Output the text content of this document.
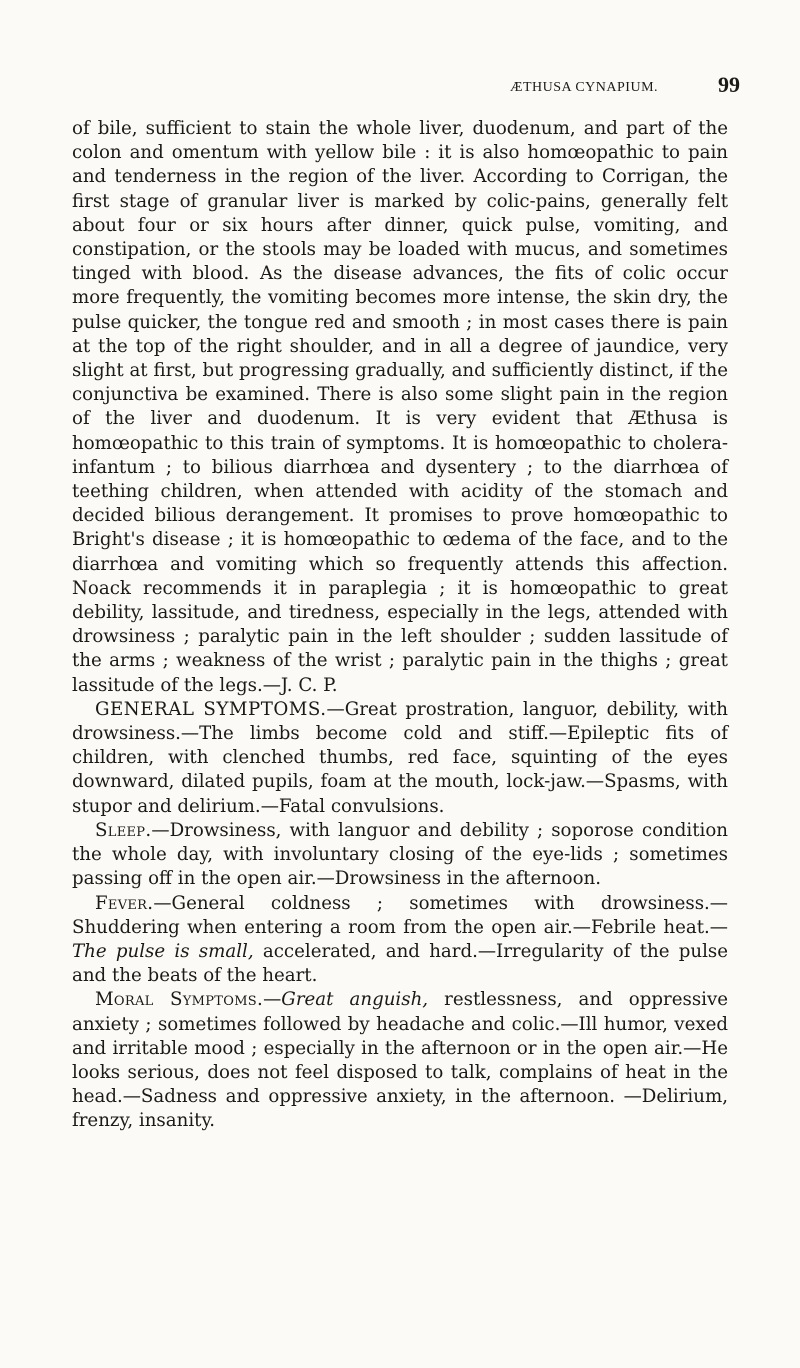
ÆTHUSA CYNAPIUM.	99

of bile, sufficient to stain the whole liver, duodenum, and part of the colon and omentum with yellow bile : it is also homœopathic to pain and tenderness in the region of the liver. According to Corrigan, the first stage of granular liver is marked by colic-pains, generally felt about four or six hours after dinner, quick pulse, vomiting, and constipation, or the stools may be loaded with mucus, and sometimes tinged with blood. As the disease advances, the fits of colic occur more frequently, the vomiting becomes more intense, the skin dry, the pulse quicker, the tongue red and smooth ; in most cases there is pain at the top of the right shoulder, and in all a degree of jaundice, very slight at first, but progressing gradually, and sufficiently distinct, if the conjunctiva be examined. There is also some slight pain in the region of the liver and duodenum. It is very evident that Æthusa is homœopathic to this train of symptoms. It is homœopathic to cholera-infantum ; to bilious diarrhœa and dysentery ; to the diarrhœa of teething children, when attended with acidity of the stomach and decided bilious derangement. It promises to prove homœopathic to Bright's disease ; it is homœopathic to œdema of the face, and to the diarrhœa and vomiting which so frequently attends this affection. Noack recommends it in paraplegia ; it is homœopathic to great debility, lassitude, and tiredness, especially in the legs, attended with drowsiness ; paralytic pain in the left shoulder ; sudden lassitude of the arms ; weakness of the wrist ; paralytic pain in the thighs ; great lassitude of the legs.—J. C. P.

GENERAL SYMPTOMS.—Great prostration, languor, debility, with drowsiness.—The limbs become cold and stiff.—Epileptic fits of children, with clenched thumbs, red face, squinting of the eyes downward, dilated pupils, foam at the mouth, lock-jaw.—Spasms, with stupor and delirium.—Fatal convulsions.

Sleep.—Drowsiness, with languor and debility ; soporose condition the whole day, with involuntary closing of the eye-lids ; sometimes passing off in the open air.—Drowsiness in the afternoon.

Fever.—General coldness ; sometimes with drowsiness.—Shuddering when entering a room from the open air.—Febrile heat.—The pulse is small, accelerated, and hard.—Irregularity of the pulse and the beats of the heart.

Moral Symptoms.—Great anguish, restlessness, and oppressive anxiety ; sometimes followed by headache and colic.—Ill humor, vexed and irritable mood ; especially in the afternoon or in the open air.—He looks serious, does not feel disposed to talk, complains of heat in the head.—Sadness and oppressive anxiety, in the afternoon. —Delirium, frenzy, insanity.
